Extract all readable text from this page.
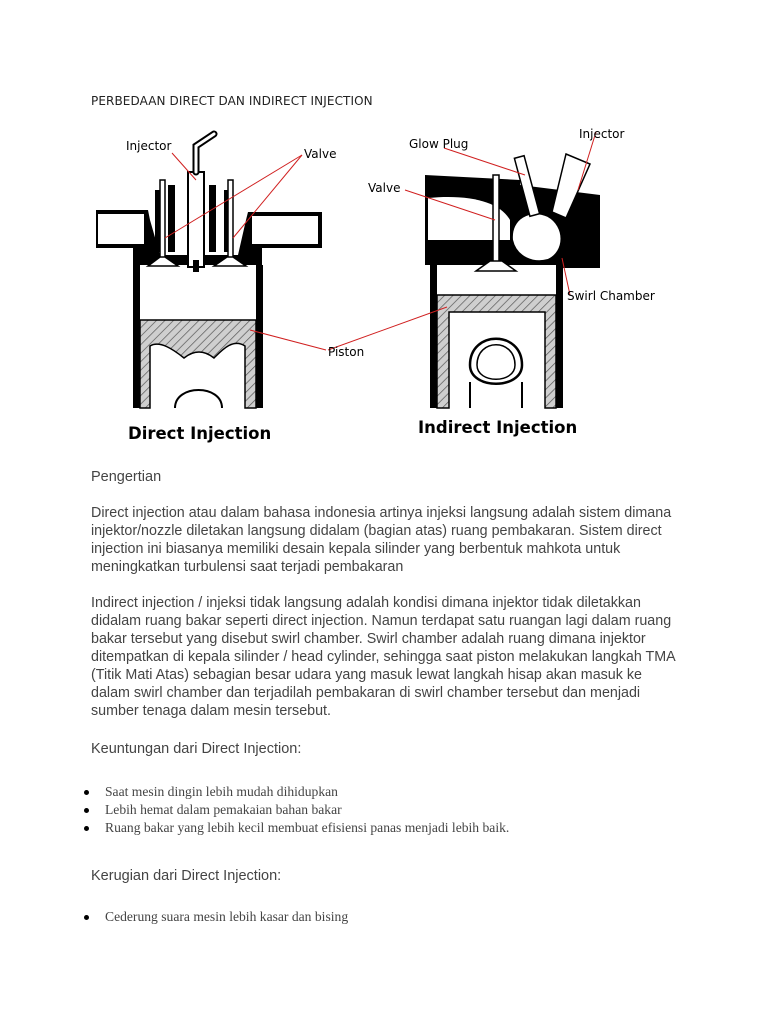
PERBEDAAN DIRECT DAN INDIRECT INJECTION
Injector
Valve
Piston
Direct Injection
Glow Plug
Injector
Valve
Swirl Chamber
Indirect Injection

Pengertian

Direct injection atau dalam bahasa indonesia artinya injeksi langsung adalah sistem dimana injektor/nozzle diletakan langsung didalam (bagian atas) ruang pembakaran. Sistem direct injection ini biasanya memiliki desain kepala silinder yang berbentuk mahkota untuk meningkatkan turbulensi saat terjadi pembakaran

Indirect injection / injeksi tidak langsung adalah kondisi dimana injektor tidak diletakkan didalam ruang bakar seperti direct injection. Namun terdapat satu ruangan lagi dalam ruang bakar tersebut yang disebut swirl chamber. Swirl chamber adalah ruang dimana injektor ditempatkan di kepala silinder / head cylinder, sehingga saat piston melakukan langkah TMA (Titik Mati Atas) sebagian besar udara yang masuk lewat langkah hisap akan masuk ke dalam swirl chamber dan terjadilah pembakaran di swirl chamber tersebut dan menjadi sumber tenaga dalam mesin tersebut.

Keuntungan dari Direct Injection:

Saat mesin dingin lebih mudah dihidupkan
Lebih hemat dalam pemakaian bahan bakar
Ruang bakar yang lebih kecil membuat efisiensi panas menjadi lebih baik.

Kerugian dari Direct Injection:

Cederung suara mesin lebih kasar dan bising
